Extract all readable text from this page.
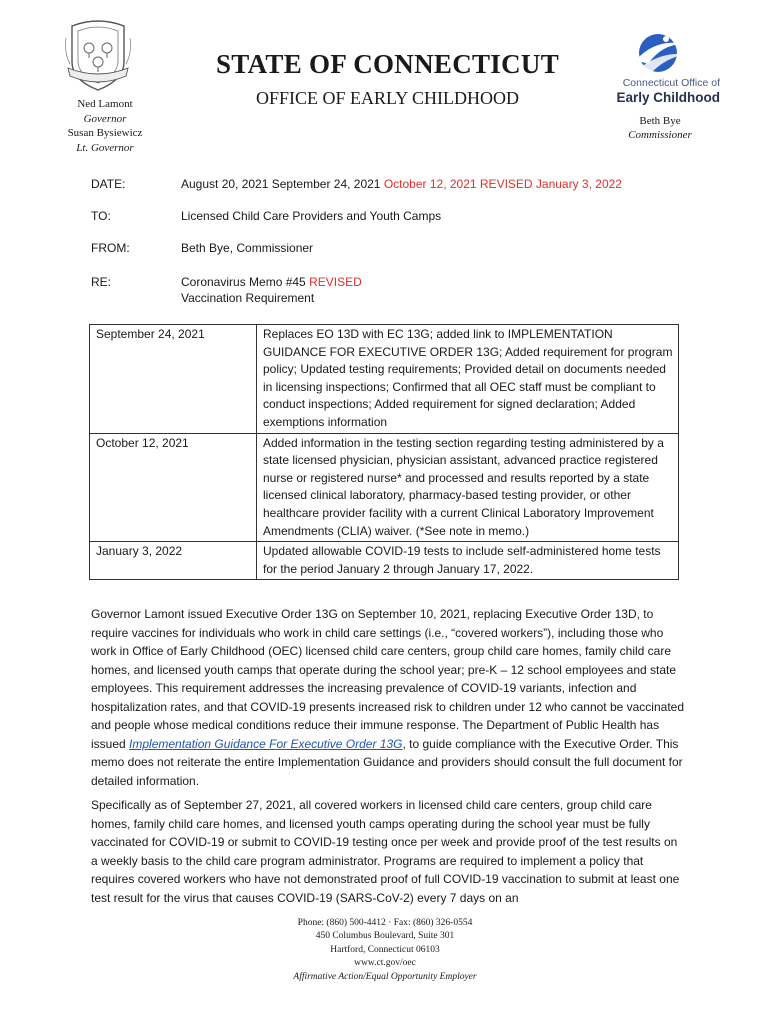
Ned Lamont
Governor
Susan Bysiewicz
Lt. Governor
STATE OF CONNECTICUT
OFFICE OF EARLY CHILDHOOD
Connecticut Office of
Early Childhood
Beth Bye
Commissioner
DATE:	August 20, 2021 September 24, 2021 October 12, 2021 REVISED January 3, 2022
TO:	Licensed Child Care Providers and Youth Camps
FROM:	Beth Bye, Commissioner
RE:	Coronavirus Memo #45 REVISED
Vaccination Requirement
September 24, 2021	Replaces EO 13D with EC 13G; added link to IMPLEMENTATION GUIDANCE FOR EXECUTIVE ORDER 13G; Added requirement for program policy; Updated testing requirements; Provided detail on documents needed in licensing inspections; Confirmed that all OEC staff must be compliant to conduct inspections; Added requirement for signed declaration; Added exemptions information
October 12, 2021	Added information in the testing section regarding testing administered by a state licensed physician, physician assistant, advanced practice registered nurse or registered nurse* and processed and results reported by a state licensed clinical laboratory, pharmacy-based testing provider, or other healthcare provider facility with a current Clinical Laboratory Improvement Amendments (CLIA) waiver. (*See note in memo.)
January 3, 2022	Updated allowable COVID-19 tests to include self-administered home tests for the period January 2 through January 17, 2022.
Governor Lamont issued Executive Order 13G on September 10, 2021, replacing Executive Order 13D, to require vaccines for individuals who work in child care settings (i.e., “covered workers”), including those who work in Office of Early Childhood (OEC) licensed child care centers, group child care homes, family child care homes, and licensed youth camps that operate during the school year; pre-K – 12 school employees and state employees. This requirement addresses the increasing prevalence of COVID-19 variants, infection and hospitalization rates, and that COVID-19 presents increased risk to children under 12 who cannot be vaccinated and people whose medical conditions reduce their immune response. The Department of Public Health has issued Implementation Guidance For Executive Order 13G, to guide compliance with the Executive Order. This memo does not reiterate the entire Implementation Guidance and providers should consult the full document for detailed information.
Specifically as of September 27, 2021, all covered workers in licensed child care centers, group child care homes, family child care homes, and licensed youth camps operating during the school year must be fully vaccinated for COVID-19 or submit to COVID-19 testing once per week and provide proof of the test results on a weekly basis to the child care program administrator. Programs are required to implement a policy that requires covered workers who have not demonstrated proof of full COVID-19 vaccination to submit at least one test result for the virus that causes COVID-19 (SARS-CoV-2) every 7 days on an
Phone: (860) 500-4412 · Fax: (860) 326-0554
450 Columbus Boulevard, Suite 301
Hartford, Connecticut 06103
www.ct.gov/oec
Affirmative Action/Equal Opportunity Employer
